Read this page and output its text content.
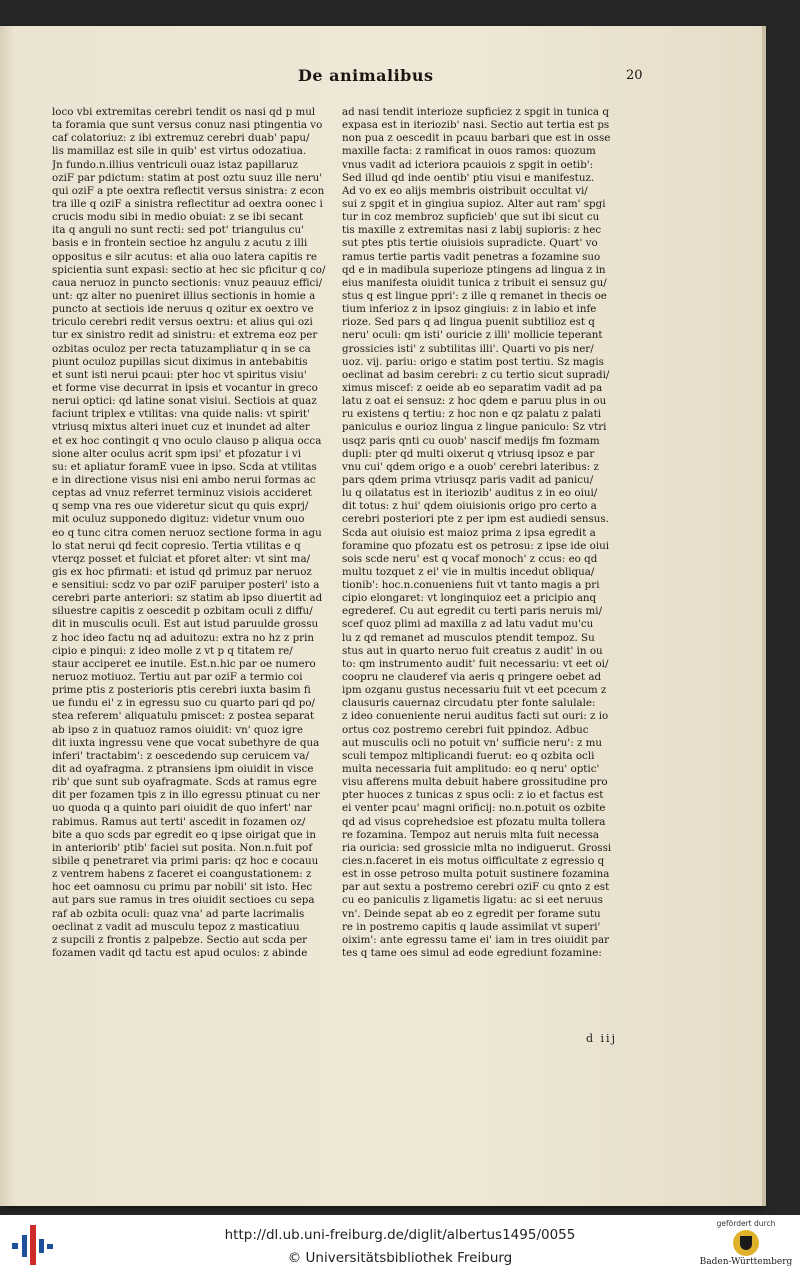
De animalibus	20
loco vbi extremitas cerebri tendit os nasi qd p mul
ta foramia que sunt versus conuz nasi ptingentia vo
caf colatoriuz: z ibi extremuz cerebri duab' papu/
lis mamillaz est sile in quib' est virtus odozatiua.
Jn fundo.n.illius ventriculi ouaz istaz papillaruz
oziF par pdictum: statim at post oztu suuz ille neru'
qui oziF a pte oextra reflectit versus sinistra: z econ
tra ille q oziF a sinistra reflectitur ad oextra oonec i
crucis modu sibi in medio obuiat: z se ibi secant
ita q anguli no sunt recti: sed pot' triangulus cu'
basis e in frontein sectioe hz angulu z acutu z illi
oppositus e silr acutus: et alia ouo latera capitis re
spicientia sunt expasi: sectio at hec sic pficitur q co/
caua neruoz in puncto sectionis: vnuz peauuz effici/
unt: qz alter no pueniret illius sectionis in homie a
puncto at sectiois ide neruus q ozitur ex oextro ve
triculo cerebri redit versus oextru: et alius qui ozi
tur ex sinistro redit ad sinistru: et extrema eoz per
ozbitas oculoz per recta tatuzampliatur q in se ca
piunt oculoz pupillas sicut diximus in antebabitis
et sunt isti nerui pcaui: pter hoc vt spiritus visiu'
et forme vise decurrat in ipsis et vocantur in greco
nerui optici: qd latine sonat visiui. Sectiois at quaz
faciunt triplex e vtilitas: vna quide nalis: vt spirit'
vtriusq mixtus alteri inuet cuz et inundet ad alter
et ex hoc contingit q vno oculo clauso p aliqua occa
sione alter oculus acrit spm ipsi' et pfozatur i vi
su: et apliatur foramE vuee in ipso. Scda at vtilitas
e in directione visus nisi eni ambo nerui formas ac
ceptas ad vnuz referret terminuz visiois accideret
q semp vna res oue videretur sicut qu quis exprj/
mit oculuz supponedo digituz: videtur vnum ouo
eo q tunc citra comen neruoz sectione forma in agu
lo stat nerui qd fecit copresio. Tertia vtilitas e q
vterqz posset et fulciat et pforet alter: vt sint ma/
gis ex hoc pfirmati: et istud qd primuz par neruoz
e sensitiui: scdz vo par oziF paruiper posteri' isto a
cerebri parte anteriori: sz statim ab ipso diuertit ad
siluestre capitis z oescedit p ozbitam oculi z diffu/
dit in musculis oculi. Est aut istud paruulde grossu
z hoc ideo factu nq ad aduitozu: extra no hz z prin
cipio e pinqui: z ideo molle z vt p q titatem re/
staur acciperet ee inutile. Est.n.hic par oe numero
neruoz motiuoz. Tertiu aut par oziF a termio coi
prime ptis z posterioris ptis cerebri iuxta basim fi
ue fundu ei' z in egressu suo cu quarto pari qd po/
stea referem' aliquatulu pmiscet: z postea separat
ab ipso z in quatuoz ramos oiuidit: vn' quoz igre
dit iuxta ingressu vene que vocat subethyre de qua
inferi' tractabim': z oescedendo sup ceruicem va/
dit ad oyafragma. z ptransiens ipm oiuidit in visce
rib' que sunt sub oyafragmate. Scds at ramus egre
dit per fozamen tpis z in illo egressu ptinuat cu ner
uo quoda q a quinto pari oiuidit de quo infert' nar
rabimus. Ramus aut terti' ascedit in fozamen oz/
bite a quo scds par egredit eo q ipse oirigat que in
in anteriorib' ptib' faciei sut posita. Non.n.fuit pof
sibile q penetraret via primi paris: qz hoc e cocauu
z ventrem habens z faceret ei coangustationem: z
hoc eet oamnosu cu primu par nobili' sit isto. Hec
aut pars sue ramus in tres oiuidit sectioes cu sepa
raf ab ozbita oculi: quaz vna' ad parte lacrimalis
oeclinat z vadit ad musculu tepoz z masticatiuu
z supcili z frontis z palpebze. Sectio aut scda per
fozamen vadit qd tactu est apud oculos: z abinde
ad nasi tendit interioze supficiez z spgit in tunica q
expasa est in iteriozib' nasi. Sectio aut tertia est ps
non pua z oescedit in pcauu barbari que est in osse
maxille facta: z ramificat in ouos ramos: quozum
vnus vadit ad icteriora pcauiois z spgit in oetib':
Sed illud qd inde oentib' ptiu visui e manifestuz.
Ad vo ex eo alijs membris oistribuit occultat vi/
sui z spgit et in gingiua supioz. Alter aut ram' spgi
tur in coz membroz supficieb' que sut ibi sicut cu
tis maxille z extremitas nasi z labij supioris: z hec
sut ptes ptis tertie oiuisiois supradicte. Quart' vo
ramus tertie partis vadit penetras a fozamine suo
qd e in madibula superioze ptingens ad lingua z in
eius manifesta oiuidit tunica z tribuit ei sensuz gu/
stus q est lingue ppri': z ille q remanet in thecis oe
tium inferioz z in ipsoz gingiuis: z in labio et infe
rioze. Sed pars q ad lingua puenit subtilioz est q
neru' oculi: qm isti' ouricie z illi' mollicie teperant
grossicies isti' z subtilitas illi'. Quarti vo pis ner/
uoz. vij. pariu: origo e statim post tertiu. Sz magis
oeclinat ad basim cerebri: z cu tertio sicut supradi/
ximus miscef: z oeide ab eo separatim vadit ad pa
latu z oat ei sensuz: z hoc qdem e paruu plus in ou
ru existens q tertiu: z hoc non e qz palatu z palati
paniculus e ourioz lingua z lingue paniculo: Sz vtri
usqz paris qnti cu ouob' nascif medijs fm fozmam
dupli: pter qd multi oixerut q vtriusq ipsoz e par
vnu cui' qdem origo e a ouob' cerebri lateribus: z
pars qdem prima vtriusqz paris vadit ad panicu/
lu q oilatatus est in iteriozib' auditus z in eo oiui/
dit totus: z hui' qdem oiuisionis origo pro certo a
cerebri posteriori pte z per ipm est audiedi sensus.
Scda aut oiuisio est maioz prima z ipsa egredit a
foramine quo pfozatu est os petrosu: z ipse ide oiui
sois scde neru' est q vocaf monoch' z ccus: eo qd
multu tozquet z ei' vie in multis incedut obliqua/
tionib': hoc.n.conueniens fuit vt tanto magis a pri
cipio elongaret: vt longinquioz eet a pricipio anq
egrederef. Cu aut egredit cu terti paris neruis mi/
scef quoz plimi ad maxilla z ad latu vadut mu'cu
lu z qd remanet ad musculos ptendit tempoz. Su
stus aut in quarto neruo fuit creatus z audit' in ou
to: qm instrumento audit' fuit necessariu: vt eet oi/
coopru ne clauderef via aeris q pringere oebet ad
ipm ozganu gustus necessariu fuit vt eet pcecum z
clausuris cauernaz circudatu pter fonte salulale:
z ideo conueniente nerui auditus facti sut ouri: z io
ortus coz postremo cerebri fuit ppindoz. Adbuc
aut musculis ocli no potuit vn' sufficie neru': z mu
sculi tempoz mltiplicandi fuerut: eo q ozbita ocli
multa necessaria fuit amplitudo: eo q neru' optic'
visu afferens multa debuit habere grossitudine pro
pter huoces z tunicas z spus ocli: z io et factus est
ei venter pcau' magni orificij: no.n.potuit os ozbite
qd ad visus coprehedsioe est pfozatu multa tollera
re fozamina. Tempoz aut neruis mlta fuit necessa
ria ouricia: sed grossicie mlta no indiguerut. Grossi
cies.n.faceret in eis motus oifficultate z egressio q
est in osse petroso multa potuit sustinere fozamina
par aut sextu a postremo cerebri oziF cu qnto z est
cu eo paniculis z ligametis ligatu: ac si eet neruus
vn'. Deinde sepat ab eo z egredit per forame sutu
re in postremo capitis q laude assimilat vt superi'
oixim': ante egressu tame ei' iam in tres oiuidit par
tes q tame oes simul ad eode egrediunt fozamine:
d iij
http://dl.ub.uni-freiburg.de/diglit/albertus1495/0055
© Universitätsbibliothek Freiburg
gefördert durch
Baden-Württemberg
